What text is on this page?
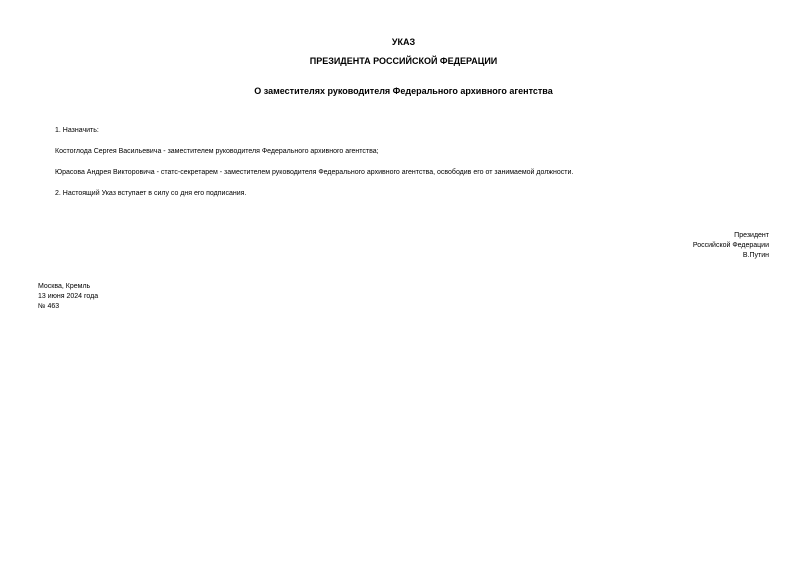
УКАЗ
ПРЕЗИДЕНТА РОССИЙСКОЙ ФЕДЕРАЦИИ
О заместителях руководителя Федерального архивного агентства
1. Назначить:
Костоглода Сергея Васильевича - заместителем руководителя Федерального архивного агентства;
Юрасова Андрея Викторовича - статс-секретарем - заместителем руководителя Федерального архивного агентства, освободив его от занимаемой должности.
2. Настоящий Указ вступает в силу со дня его подписания.
Президент
Российской Федерации
В.Путин
Москва, Кремль
13 июня 2024 года
№ 463
